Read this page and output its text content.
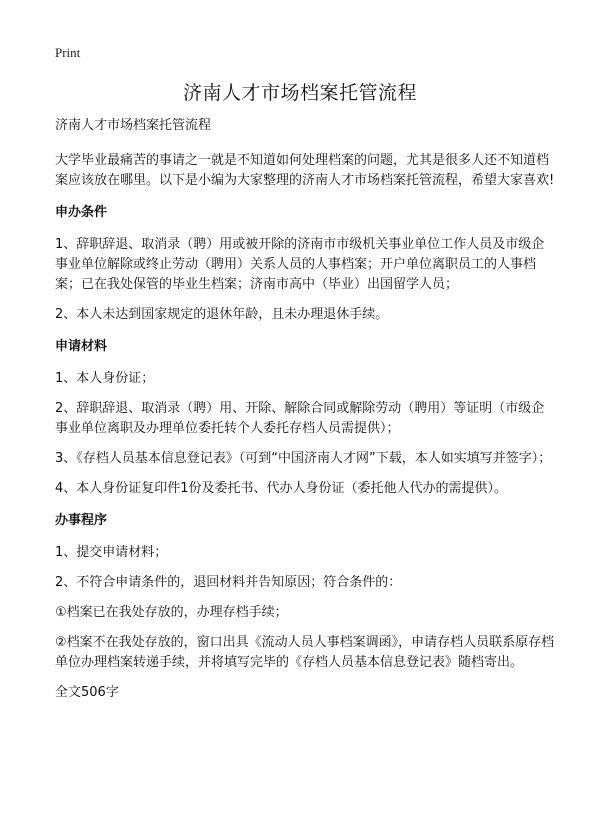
Print
济南人才市场档案托管流程

济南人才市场档案托管流程

大学毕业最痛苦的事请之一就是不知道如何处理档案的问题，尤其是很多人还不知道档案应该放在哪里。以下是小编为大家整理的济南人才市场档案托管流程，希望大家喜欢!

申办条件

1、辞职辞退、取消录（聘）用或被开除的济南市市级机关事业单位工作人员及市级企事业单位解除或终止劳动（聘用）关系人员的人事档案；开户单位离职员工的人事档案；已在我处保管的毕业生档案；济南市高中（毕业）出国留学人员；

2、本人未达到国家规定的退休年龄，且未办理退休手续。

申请材料

1、本人身份证；

2、辞职辞退、取消录（聘）用、开除、解除合同或解除劳动（聘用）等证明（市级企事业单位离职及办理单位委托转个人委托存档人员需提供）；

3、《存档人员基本信息登记表》（可到“中国济南人才网”下载，本人如实填写并签字）；

4、本人身份证复印件1份及委托书、代办人身份证（委托他人代办的需提供）。

办事程序

1、提交申请材料；

2、不符合申请条件的，退回材料并告知原因；符合条件的：

①档案已在我处存放的，办理存档手续；

②档案不在我处存放的，窗口出具《流动人员人事档案调函》，申请存档人员联系原存档单位办理档案转递手续，并将填写完毕的《存档人员基本信息登记表》随档寄出。

全文506字
